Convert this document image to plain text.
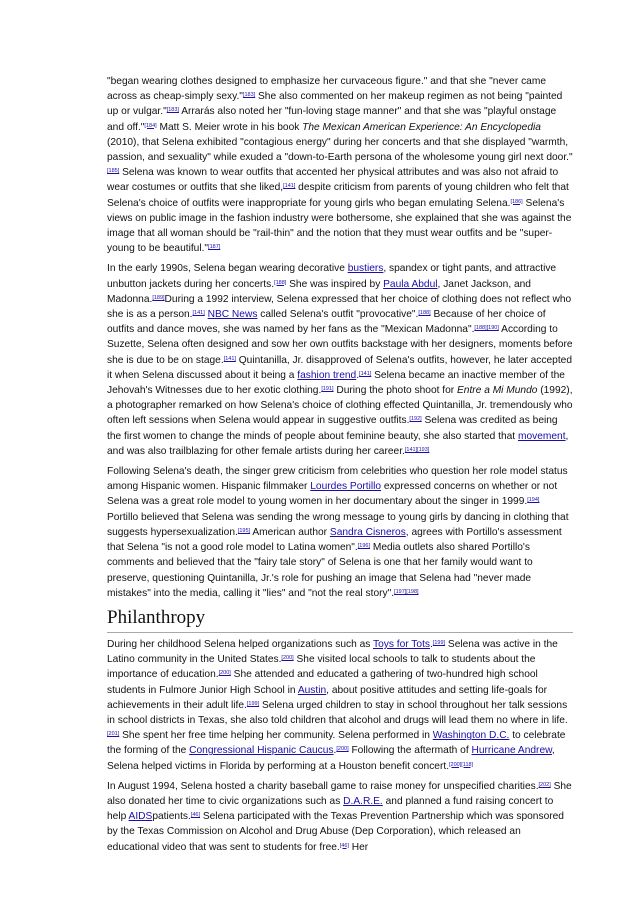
"began wearing clothes designed to emphasize her curvaceous figure." and that she "never came across as cheap-simply sexy."[183] She also commented on her makeup regimen as not being "painted up or vulgar."[183] Arrarás also noted her "fun-loving stage manner" and that she was "playful onstage and off."[184] Matt S. Meier wrote in his book The Mexican American Experience: An Encyclopedia (2010), that Selena exhibited "contagious energy" during her concerts and that she displayed "warmth, passion, and sexuality" while exuded a "down-to-Earth persona of the wholesome young girl next door."[185] Selena was known to wear outfits that accented her physical attributes and was also not afraid to wear costumes or outfits that she liked,[141] despite criticism from parents of young children who felt that Selena's choice of outfits were inappropriate for young girls who began emulating Selena.[186] Selena's views on public image in the fashion industry were bothersome, she explained that she was against the image that all woman should be "rail-thin" and the notion that they must wear outfits and be "super-young to be beautiful."[187]

In the early 1990s, Selena began wearing decorative bustiers, spandex or tight pants, and attractive unbutton jackets during her concerts.[188] She was inspired by Paula Abdul, Janet Jackson, and Madonna.[189]During a 1992 interview, Selena expressed that her choice of clothing does not reflect who she is as a person.[141] NBC News called Selena's outfit "provocative".[188] Because of her choice of outfits and dance moves, she was named by her fans as the "Mexican Madonna".[188][190] According to Suzette, Selena often designed and sow her own outfits backstage with her designers, moments before she is due to be on stage.[141] Quintanilla, Jr. disapproved of Selena's outfits, however, he later accepted it when Selena discussed about it being a fashion trend.[141] Selena became an inactive member of the Jehovah's Witnesses due to her exotic clothing.[191] During the photo shoot for Entre a Mi Mundo (1992), a photographer remarked on how Selena's choice of clothing effected Quintanilla, Jr. tremendously who often left sessions when Selena would appear in suggestive outfits.[192] Selena was credited as being the first women to change the minds of people about feminine beauty, she also started that movement, and was also trailblazing for other female artists during her career.[141][193]

Following Selena's death, the singer grew criticism from celebrities who question her role model status among Hispanic women. Hispanic filmmaker Lourdes Portillo expressed concerns on whether or not Selena was a great role model to young women in her documentary about the singer in 1999.[194] Portillo believed that Selena was sending the wrong message to young girls by dancing in clothing that suggests hypersexualization.[195] American author Sandra Cisneros, agrees with Portillo's assessment that Selena "is not a good role model to Latina women".[196] Media outlets also shared Portillo's comments and believed that the "fairy tale story" of Selena is one that her family would want to preserve, questioning Quintanilla, Jr.'s role for pushing an image that Selena had "never made mistakes" into the media, calling it "lies" and "not the real story".[197][198]

Philanthropy

During her childhood Selena helped organizations such as Toys for Tots.[199] Selena was active in the Latino community in the United States.[200] She visited local schools to talk to students about the importance of education.[200] She attended and educated a gathering of two-hundred high school students in Fulmore Junior High School in Austin, about positive attitudes and setting life-goals for achievements in their adult life.[199] Selena urged children to stay in school throughout her talk sessions in school districts in Texas, she also told children that alcohol and drugs will lead them no where in life.[201] She spent her free time helping her community. Selena performed in Washington D.C. to celebrate the forming of the Congressional Hispanic Caucus.[200] Following the aftermath of Hurricane Andrew, Selena helped victims in Florida by performing at a Houston benefit concert.[200][118]

In August 1994, Selena hosted a charity baseball game to raise money for unspecified charities.[202] She also donated her time to civic organizations such as D.A.R.E. and planned a fund raising concert to help AIDSpatients.[46] Selena participated with the Texas Prevention Partnership which was sponsored by the Texas Commission on Alcohol and Drug Abuse (Dep Corporation), which released an educational video that was sent to students for free.[46] Her
